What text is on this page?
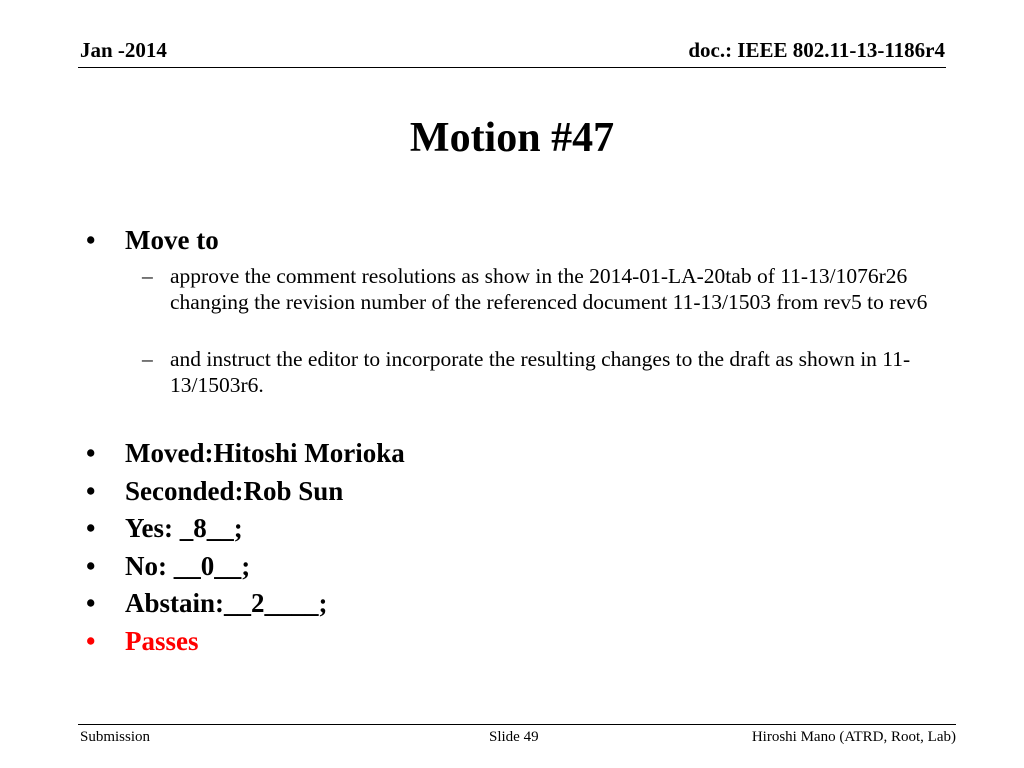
Jan -2014	doc.: IEEE 802.11-13-1186r4
Motion #47
• Move to
– approve the comment resolutions as show in the 2014-01-LA-20tab of 11-13/1076r26 changing the revision number of the referenced document 11-13/1503 from rev5 to rev6
– and instruct the editor to incorporate the resulting changes to the draft as shown in 11-13/1503r6.
• Moved:Hitoshi Morioka
• Seconded:Rob Sun
• Yes: _8__;
• No: __0__;
• Abstain:__2____;
• Passes
Submission	Slide 49	Hiroshi Mano (ATRD, Root, Lab)
